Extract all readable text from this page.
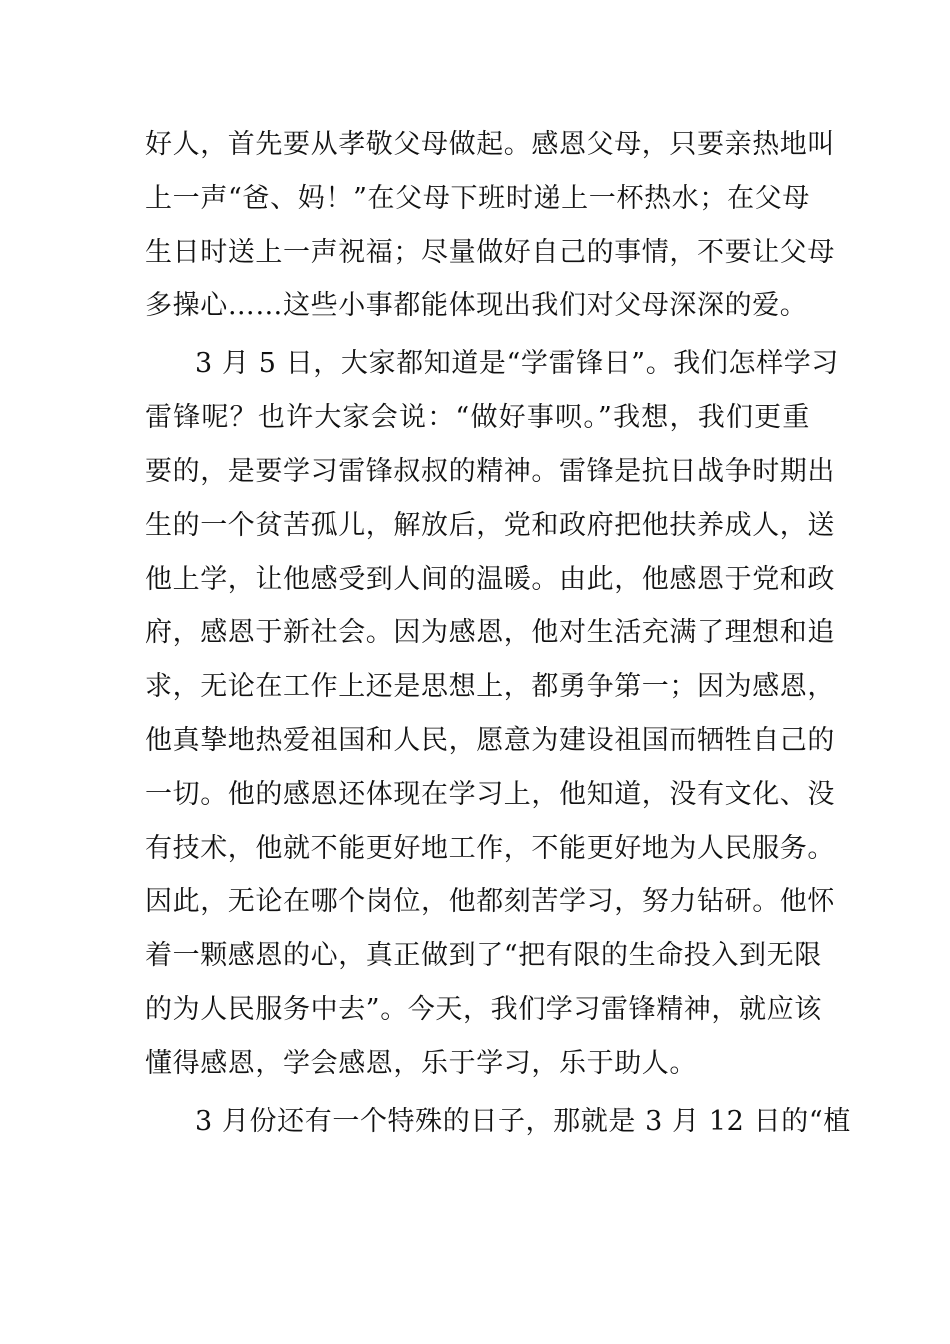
好人，首先要从孝敬父母做起。感恩父母，只要亲热地叫
上一声“爸、妈！”在父母下班时递上一杯热水；在父母
生日时送上一声祝福；尽量做好自己的事情，不要让父母
多操心……这些小事都能体现出我们对父母深深的爱。
3 月 5 日，大家都知道是“学雷锋日”。我们怎样学习
雷锋呢？也许大家会说：“做好事呗。”我想，我们更重
要的，是要学习雷锋叔叔的精神。雷锋是抗日战争时期出
生的一个贫苦孤儿，解放后，党和政府把他扶养成人，送
他上学，让他感受到人间的温暖。由此，他感恩于党和政
府，感恩于新社会。因为感恩，他对生活充满了理想和追
求，无论在工作上还是思想上，都勇争第一；因为感恩，
他真挚地热爱祖国和人民，愿意为建设祖国而牺牲自己的
一切。他的感恩还体现在学习上，他知道，没有文化、没
有技术，他就不能更好地工作，不能更好地为人民服务。
因此，无论在哪个岗位，他都刻苦学习，努力钻研。他怀
着一颗感恩的心，真正做到了“把有限的生命投入到无限
的为人民服务中去”。今天，我们学习雷锋精神，就应该
懂得感恩，学会感恩，乐于学习，乐于助人。
3 月份还有一个特殊的日子，那就是 3 月 12 日的“植
